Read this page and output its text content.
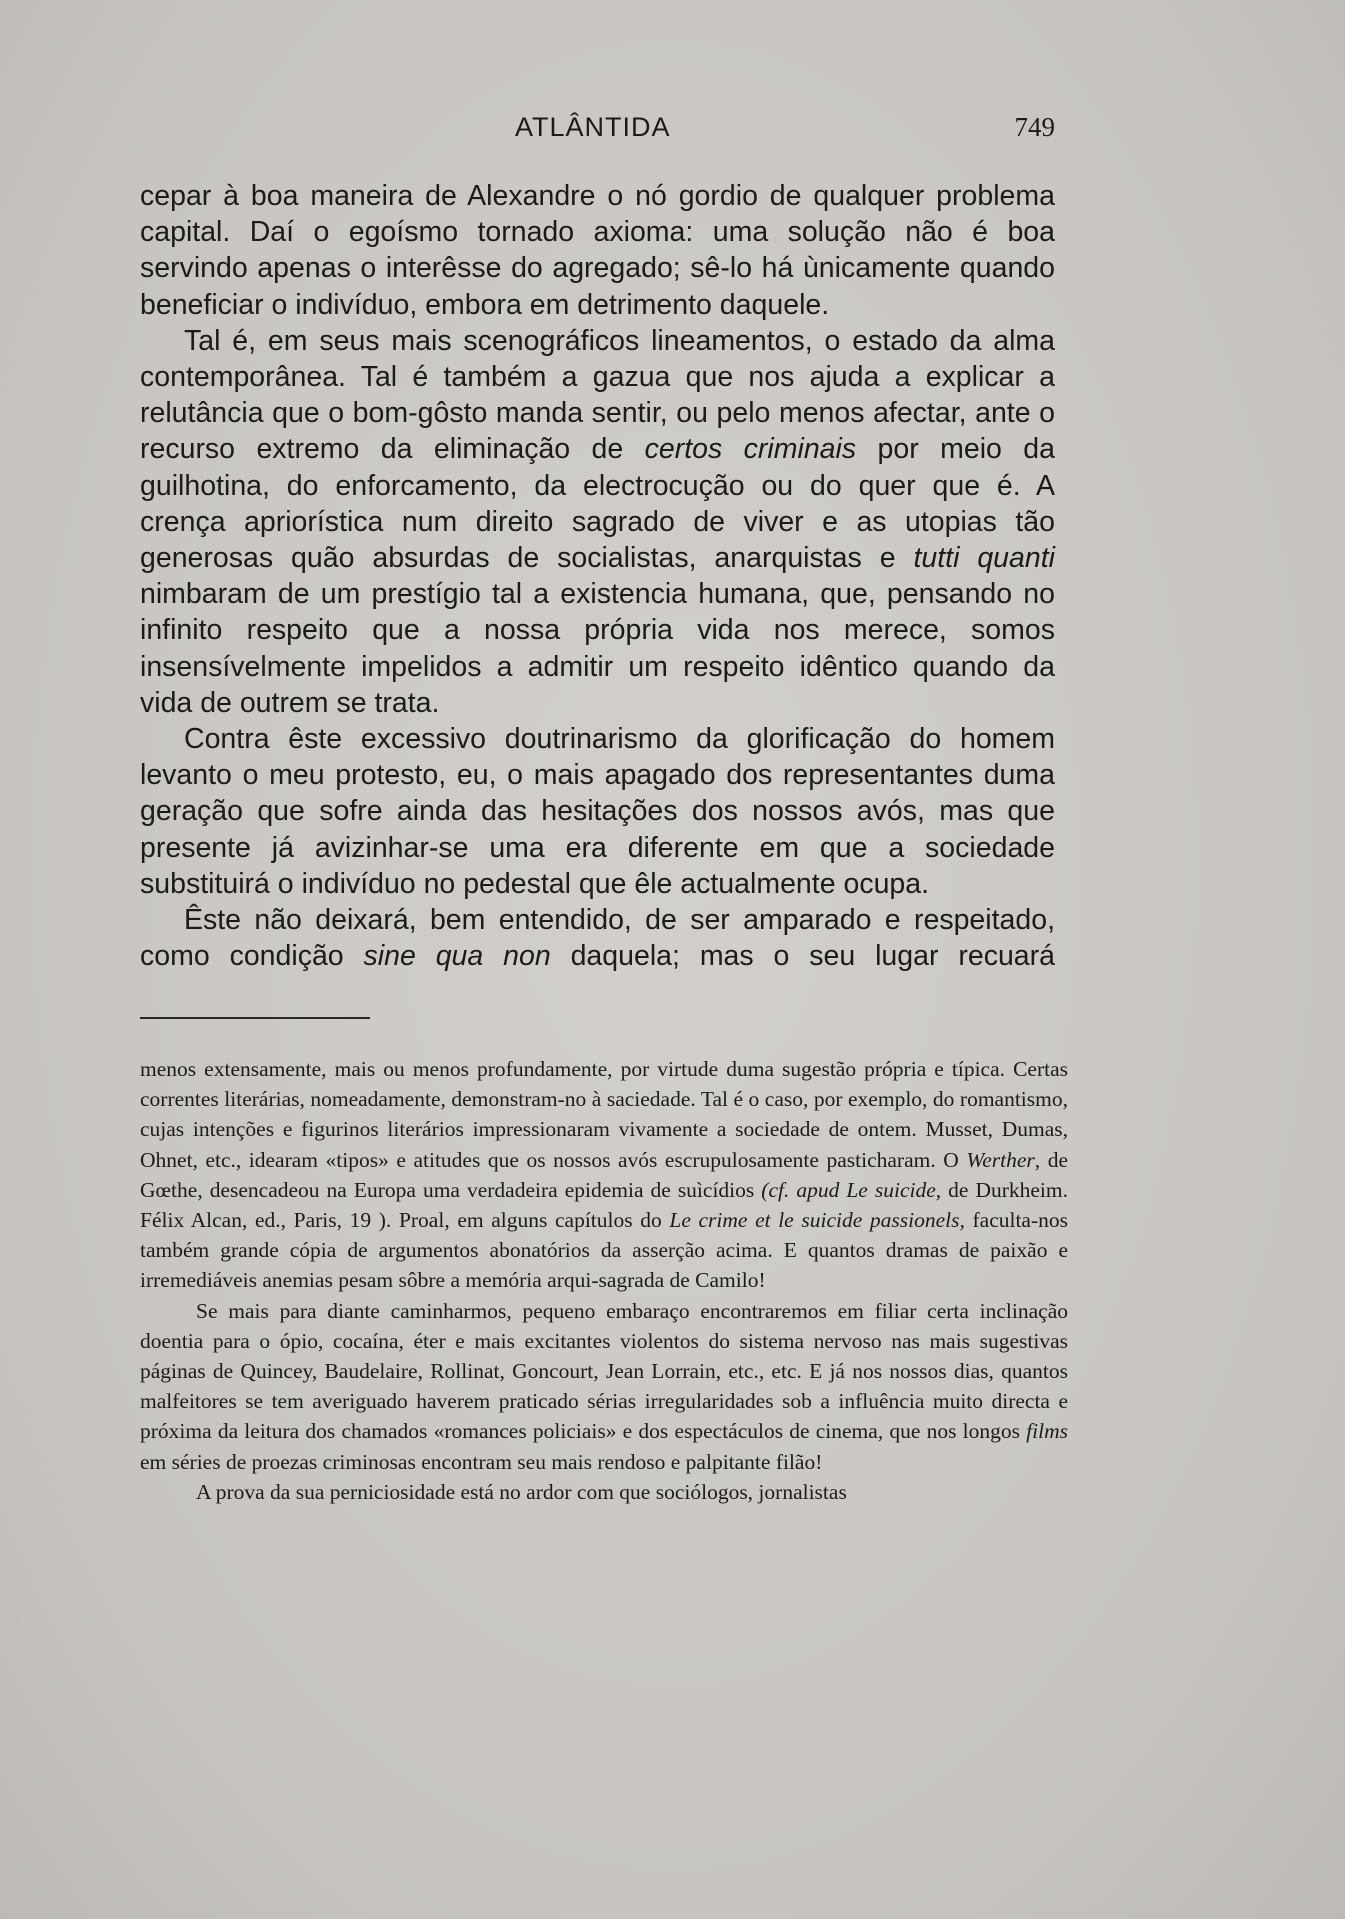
ATLÂNTIDA	749

cepar à boa maneira de Alexandre o nó gordio de qualquer problema capital. Daí o egoísmo tornado axioma: uma solução não é boa servindo apenas o interêsse do agregado; sê-lo há ùnicamente quando beneficiar o indivíduo, embora em detrimento daquele.

Tal é, em seus mais scenográficos lineamentos, o estado da alma contemporânea. Tal é também a gazua que nos ajuda a explicar a relutância que o bom-gôsto manda sentir, ou pelo menos afectar, ante o recurso extremo da eliminação de certos criminais por meio da guilhotina, do enforcamento, da electrocução ou do quer que é. A crença apriorística num direito sagrado de viver e as utopias tão generosas quão absurdas de socialistas, anarquistas e tutti quanti nimbaram de um prestígio tal a existencia humana, que, pensando no infinito respeito que a nossa própria vida nos merece, somos insensívelmente impelidos a admitir um respeito idêntico quando da vida de outrem se trata.

Contra êste excessivo doutrinarismo da glorificação do homem levanto o meu protesto, eu, o mais apagado dos representantes duma geração que sofre ainda das hesitações dos nossos avós, mas que presente já avizinhar-se uma era diferente em que a sociedade substituirá o indivíduo no pedestal que êle actualmente ocupa.

Êste não deixará, bem entendido, de ser amparado e respeitado, como condição sine qua non daquela; mas o seu lugar recuará

menos extensamente, mais ou menos profundamente, por virtude duma sugestão própria e típica. Certas correntes literárias, nomeadamente, demonstram-no à saciedade. Tal é o caso, por exemplo, do romantismo, cujas intenções e figurinos literários impressionaram vivamente a sociedade de ontem. Musset, Dumas, Ohnet, etc., idearam «tipos» e atitudes que os nossos avós escrupulosamente pasticharam. O Werther, de Gœthe, desencadeou na Europa uma verdadeira epidemia de suìcídios (cf. apud Le suicide, de Durkheim. Félix Alcan, ed., Paris, 19 ). Proal, em alguns capítulos do Le crime et le suicide passionels, faculta-nos também grande cópia de argumentos abonatórios da asserção acima. E quantos dramas de paixão e irremediáveis anemias pesam sôbre a memória arqui-sagrada de Camilo!

Se mais para diante caminharmos, pequeno embaraço encontraremos em filiar certa inclinação doentia para o ópio, cocaína, éter e mais excitantes violentos do sistema nervoso nas mais sugestivas páginas de Quincey, Baudelaire, Rollinat, Goncourt, Jean Lorrain, etc., etc. E já nos nossos dias, quantos malfeitores se tem averiguado haverem praticado sérias irregularidades sob a influência muito directa e próxima da leitura dos chamados «romances policiais» e dos espectáculos de cinema, que nos longos films em séries de proezas criminosas encontram seu mais rendoso e palpitante filão!

A prova da sua perniciosidade está no ardor com que sociólogos, jornalistas
